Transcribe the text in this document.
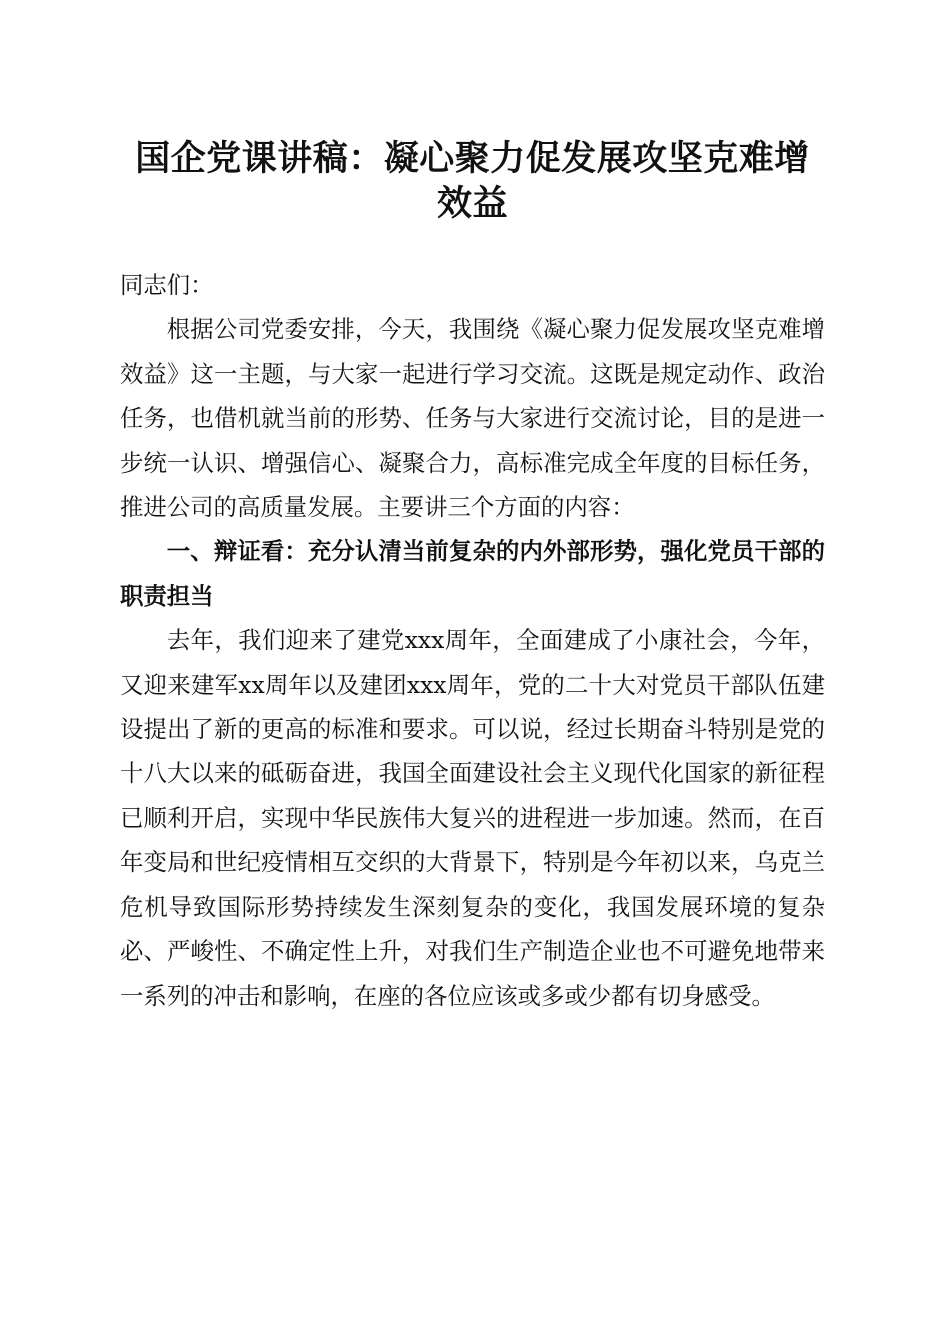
国企党课讲稿：凝心聚力促发展攻坚克难增效益

同志们：

根据公司党委安排，今天，我围绕《凝心聚力促发展攻坚克难增效益》这一主题，与大家一起进行学习交流。这既是规定动作、政治任务，也借机就当前的形势、任务与大家进行交流讨论，目的是进一步统一认识、增强信心、凝聚合力，高标准完成全年度的目标任务，推进公司的高质量发展。主要讲三个方面的内容：

一、辩证看：充分认清当前复杂的内外部形势，强化党员干部的职责担当

去年，我们迎来了建党xxx周年，全面建成了小康社会，今年，又迎来建军xx周年以及建团xxx周年，党的二十大对党员干部队伍建设提出了新的更高的标准和要求。可以说，经过长期奋斗特别是党的十八大以来的砥砺奋进，我国全面建设社会主义现代化国家的新征程已顺利开启，实现中华民族伟大复兴的进程进一步加速。然而，在百年变局和世纪疫情相互交织的大背景下，特别是今年初以来，乌克兰危机导致国际形势持续发生深刻复杂的变化，我国发展环境的复杂必、严峻性、不确定性上升，对我们生产制造企业也不可避免地带来一系列的冲击和影响，在座的各位应该或多或少都有切身感受。
